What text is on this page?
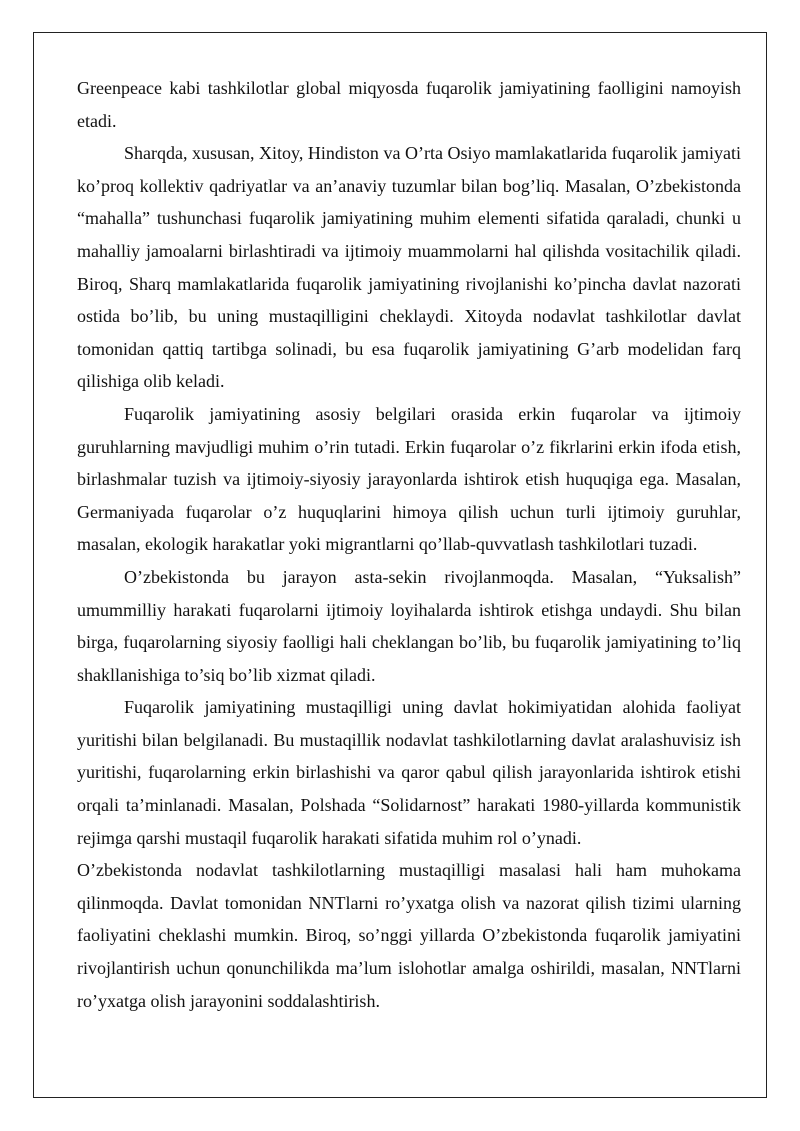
Greenpeace kabi tashkilotlar global miqyosda fuqarolik jamiyatining faolligini namoyish etadi.

Sharqda, xususan, Xitoy, Hindiston va O’rta Osiyo mamlakatlarida fuqarolik jamiyati ko’proq kollektiv qadriyatlar va an’anaviy tuzumlar bilan bog’liq. Masalan, O’zbekistonda “mahalla” tushunchasi fuqarolik jamiyatining muhim elementi sifatida qaraladi, chunki u mahalliy jamoalarni birlashtiradi va ijtimoiy muammolarni hal qilishda vositachilik qiladi. Biroq, Sharq mamlakatlarida fuqarolik jamiyatining rivojlanishi ko’pincha davlat nazorati ostida bo’lib, bu uning mustaqilligini cheklaydi. Xitoyda nodavlat tashkilotlar davlat tomonidan qattiq tartibga solinadi, bu esa fuqarolik jamiyatining G’arb modelidan farq qilishiga olib keladi.

Fuqarolik jamiyatining asosiy belgilari orasida erkin fuqarolar va ijtimoiy guruhlarning mavjudligi muhim o’rin tutadi. Erkin fuqarolar o’z fikrlarini erkin ifoda etish, birlashmalar tuzish va ijtimoiy-siyosiy jarayonlarda ishtirok etish huquqiga ega. Masalan, Germaniyada fuqarolar o’z huquqlarini himoya qilish uchun turli ijtimoiy guruhlar, masalan, ekologik harakatlar yoki migrantlarni qo’llab-quvvatlash tashkilotlari tuzadi.

O’zbekistonda bu jarayon asta-sekin rivojlanmoqda. Masalan, “Yuksalish” umummilliy harakati fuqarolarni ijtimoiy loyihalarda ishtirok etishga undaydi. Shu bilan birga, fuqarolarning siyosiy faolligi hali cheklangan bo’lib, bu fuqarolik jamiyatining to’liq shakllanishiga to’siq bo’lib xizmat qiladi.

Fuqarolik jamiyatining mustaqilligi uning davlat hokimiyatidan alohida faoliyat yuritishi bilan belgilanadi. Bu mustaqillik nodavlat tashkilotlarning davlat aralashuvisiz ish yuritishi, fuqarolarning erkin birlashishi va qaror qabul qilish jarayonlarida ishtirok etishi orqali ta’minlanadi. Masalan, Polshada “Solidarnost” harakati 1980-yillarda kommunistik rejimga qarshi mustaqil fuqarolik harakati sifatida muhim rol o’ynadi.

O’zbekistonda nodavlat tashkilotlarning mustaqilligi masalasi hali ham muhokama qilinmoqda. Davlat tomonidan NNTlarni ro’yxatga olish va nazorat qilish tizimi ularning faoliyatini cheklashi mumkin. Biroq, so’nggi yillarda O’zbekistonda fuqarolik jamiyatini rivojlantirish uchun qonunchilikda ma’lum islohotlar amalga oshirildi, masalan, NNTlarni ro’yxatga olish jarayonini soddalashtirish.
